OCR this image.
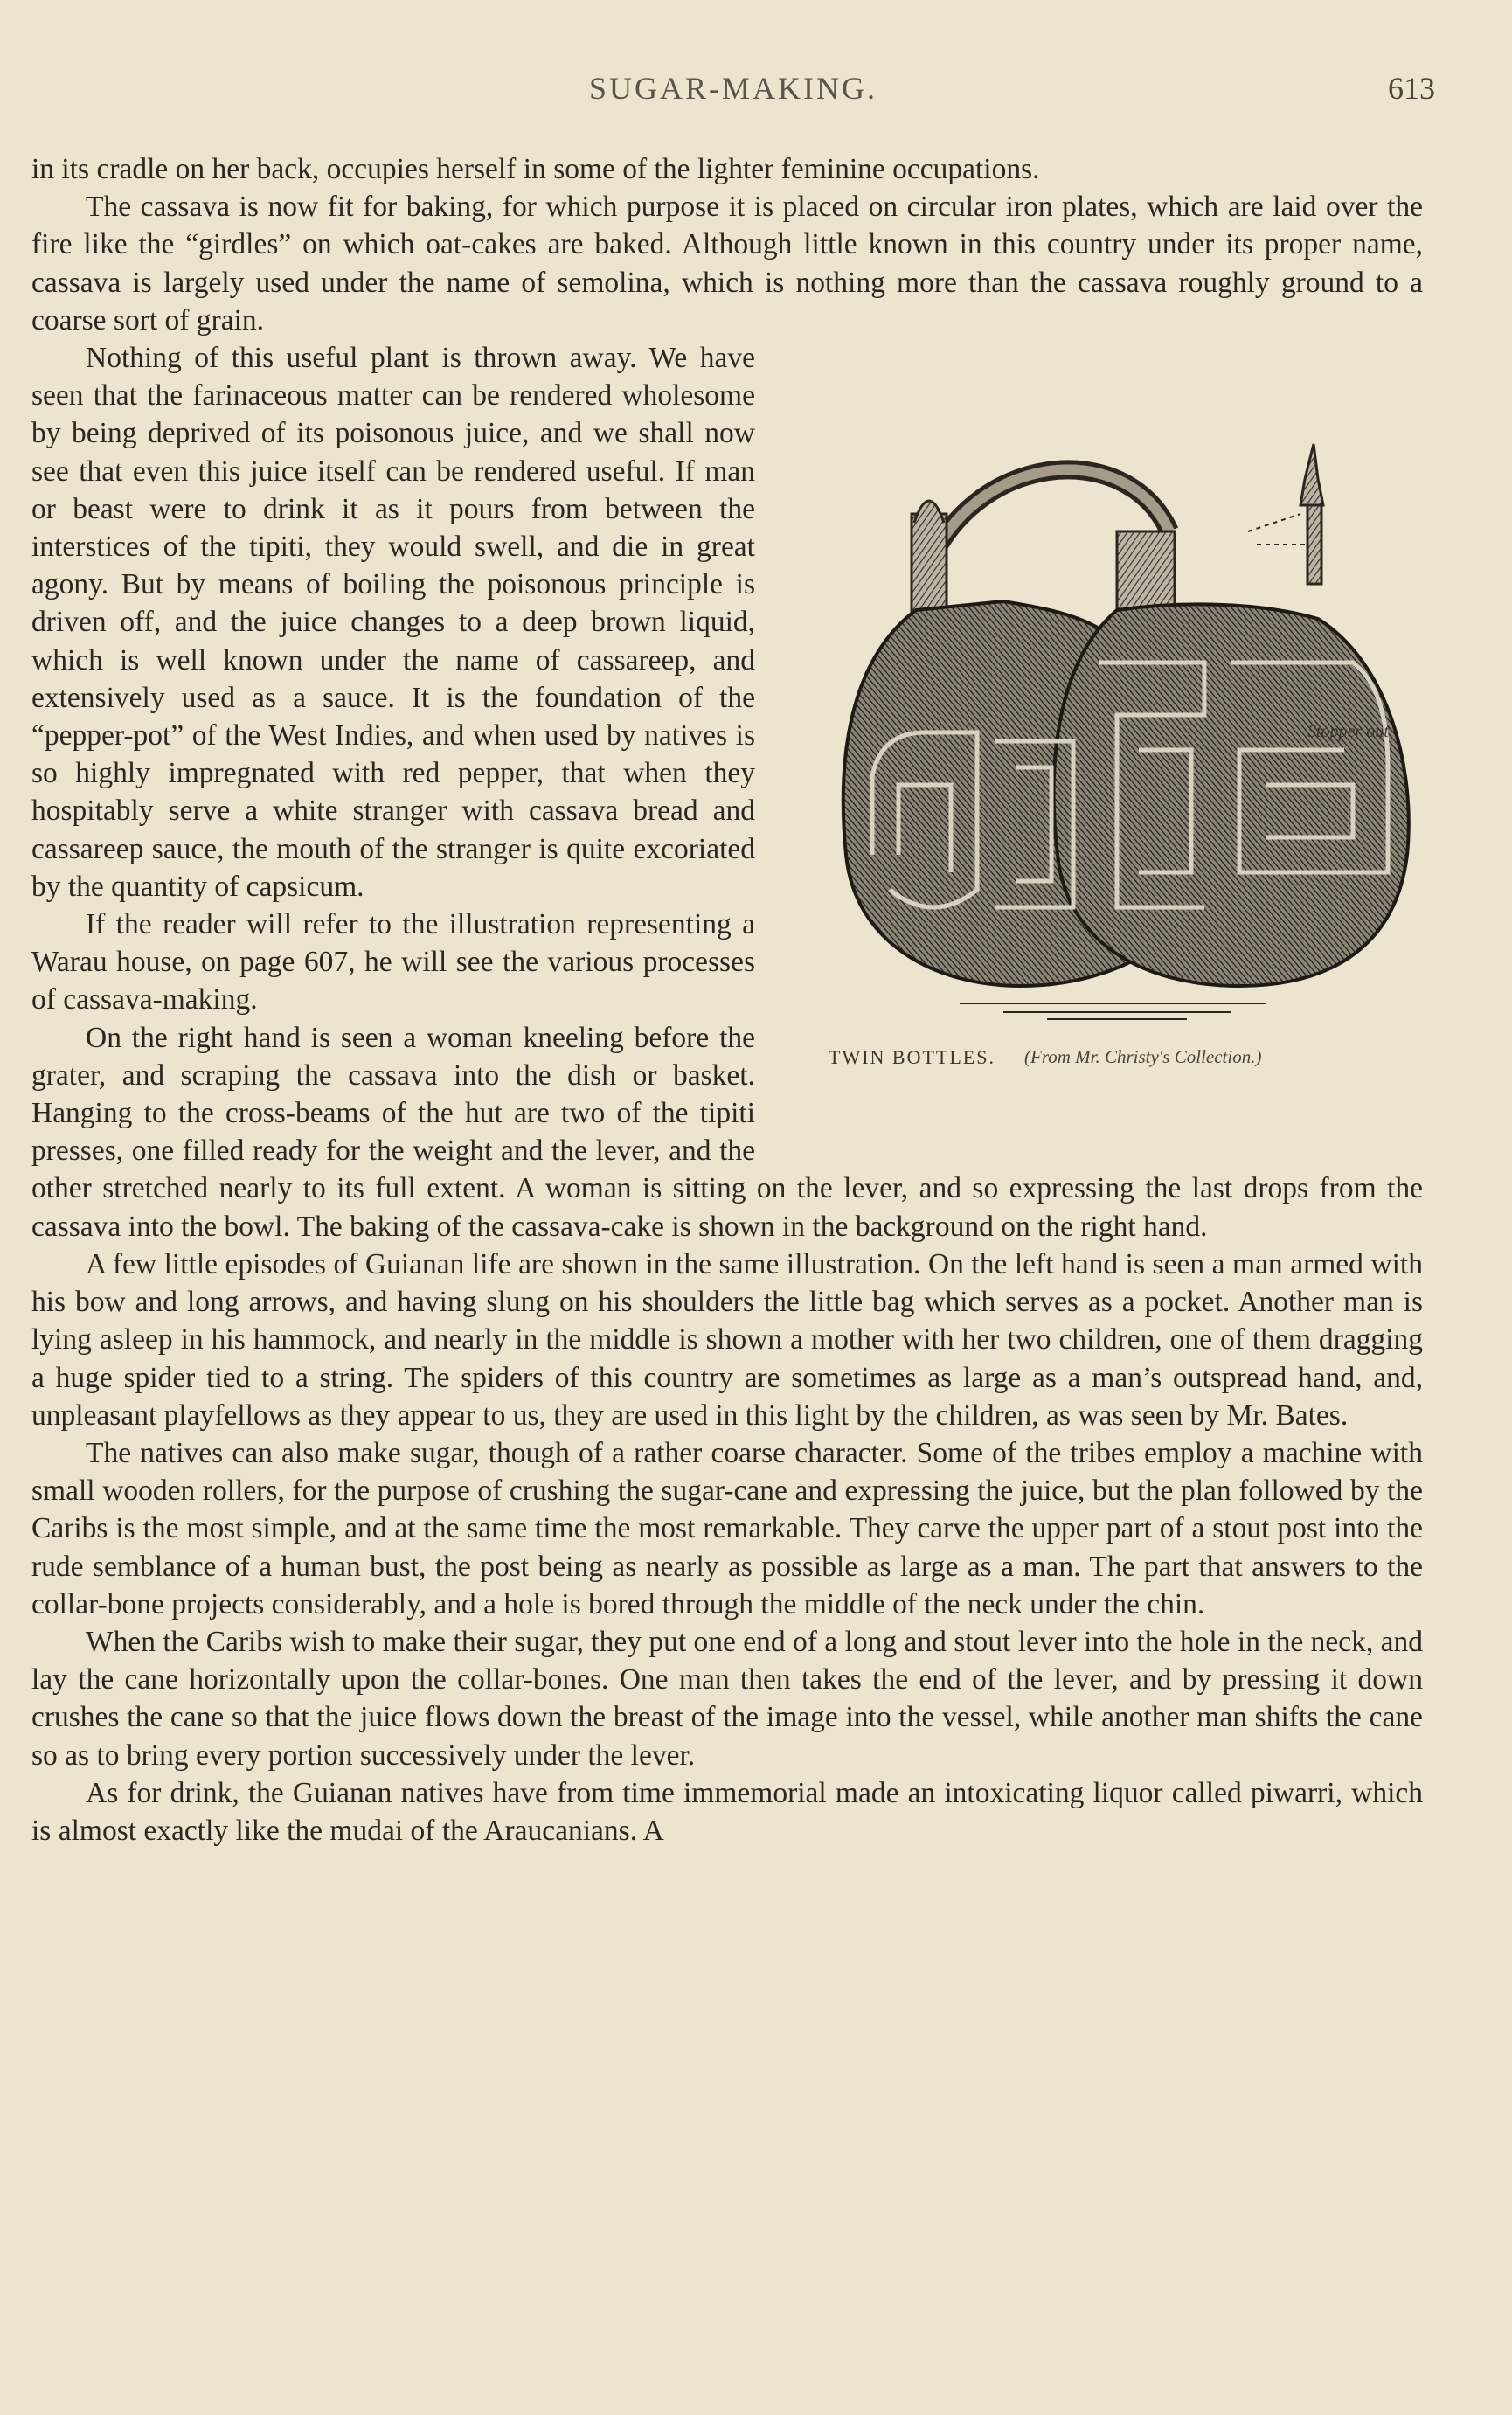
SUGAR-MAKING.	613

in its cradle on her back, occupies herself in some of the lighter feminine occupations.

The cassava is now fit for baking, for which purpose it is placed on circular iron plates, which are laid over the fire like the “girdles” on which oat-cakes are baked. Although little known in this country under its proper name, cassava is largely used under the name of semolina, which is nothing more than the cassava roughly ground to a coarse sort of grain.

Stopper out
TWIN BOTTLES. (From Mr. Christy's Collection.)

Nothing of this useful plant is thrown away. We have seen that the farinaceous matter can be rendered wholesome by being deprived of its poisonous juice, and we shall now see that even this juice itself can be rendered useful. If man or beast were to drink it as it pours from between the interstices of the tipiti, they would swell, and die in great agony. But by means of boiling the poisonous principle is driven off, and the juice changes to a deep brown liquid, which is well known under the name of cassareep, and extensively used as a sauce. It is the foundation of the “pepper-pot” of the West Indies, and when used by natives is so highly impregnated with red pepper, that when they hospitably serve a white stranger with cassava bread and cassareep sauce, the mouth of the stranger is quite excoriated by the quantity of capsicum.

If the reader will refer to the illustration representing a Warau house, on page 607, he will see the various processes of cassava-making.

On the right hand is seen a woman kneeling before the grater, and scraping the cassava into the dish or basket. Hanging to the cross-beams of the hut are two of the tipiti presses, one filled ready for the weight and the lever, and the other stretched nearly to its full extent. A woman is sitting on the lever, and so expressing the last drops from the cassava into the bowl. The baking of the cassava-cake is shown in the background on the right hand.

A few little episodes of Guianan life are shown in the same illustration. On the left hand is seen a man armed with his bow and long arrows, and having slung on his shoulders the little bag which serves as a pocket. Another man is lying asleep in his hammock, and nearly in the middle is shown a mother with her two children, one of them dragging a huge spider tied to a string. The spiders of this country are sometimes as large as a man’s outspread hand, and, unpleasant playfellows as they appear to us, they are used in this light by the children, as was seen by Mr. Bates.

The natives can also make sugar, though of a rather coarse character. Some of the tribes employ a machine with small wooden rollers, for the purpose of crushing the sugar-cane and expressing the juice, but the plan followed by the Caribs is the most simple, and at the same time the most remarkable. They carve the upper part of a stout post into the rude semblance of a human bust, the post being as nearly as possible as large as a man. The part that answers to the collar-bone projects considerably, and a hole is bored through the middle of the neck under the chin.

When the Caribs wish to make their sugar, they put one end of a long and stout lever into the hole in the neck, and lay the cane horizontally upon the collar-bones. One man then takes the end of the lever, and by pressing it down crushes the cane so that the juice flows down the breast of the image into the vessel, while another man shifts the cane so as to bring every portion successively under the lever.

As for drink, the Guianan natives have from time immemorial made an intoxicating liquor called piwarri, which is almost exactly like the mudai of the Araucanians. A
